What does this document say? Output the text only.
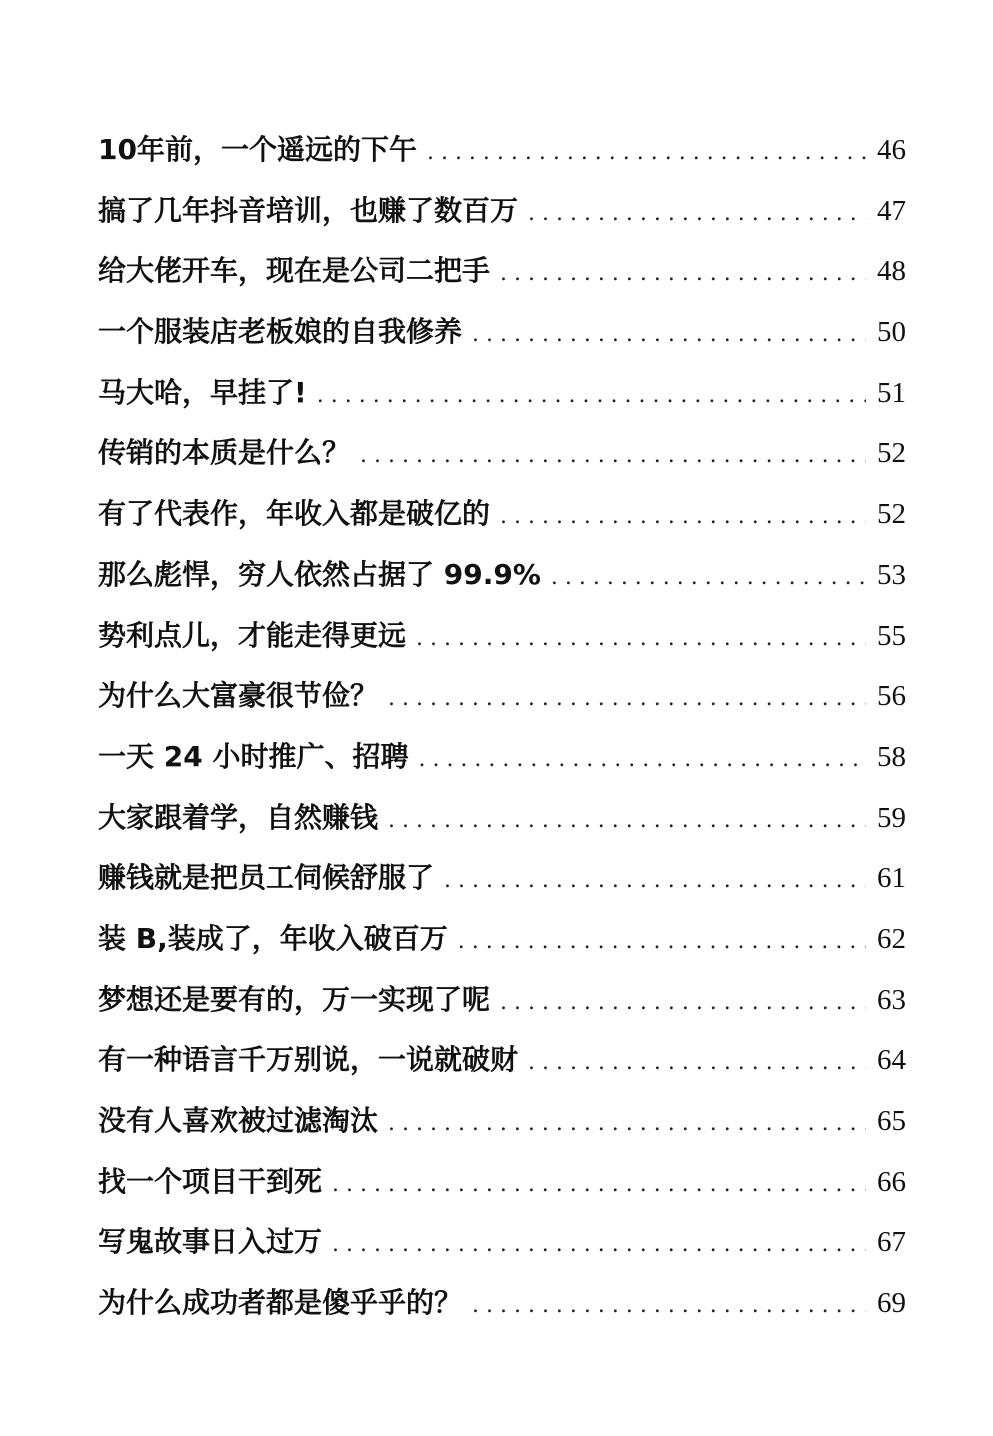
10年前，一个遥远的下午 . . .	46
搞了几年抖音培训，也赚了数百万 . . .	47
给大佬开车，现在是公司二把手 . . .	48
一个服装店老板娘的自我修养 . . .	50
马大哈，早挂了! . . .	51
传销的本质是什么？ . . .	52
有了代表作，年收入都是破亿的 . . .	52
那么彪悍，穷人依然占据了 99.9% . . .	53
势利点儿，才能走得更远 . . .	55
为什么大富豪很节俭？ . . .	56
一天 24 小时推广、招聘 . . .	58
大家跟着学，自然赚钱 . . .	59
赚钱就是把员工伺候舒服了 . . .	61
装 B,装成了，年收入破百万 . . .	62
梦想还是要有的，万一实现了呢 . . .	63
有一种语言千万别说，一说就破财 . . .	64
没有人喜欢被过滤淘汰 . . .	65
找一个项目干到死 . . .	66
写鬼故事日入过万 . . .	67
为什么成功者都是傻乎乎的？ . . .	69
